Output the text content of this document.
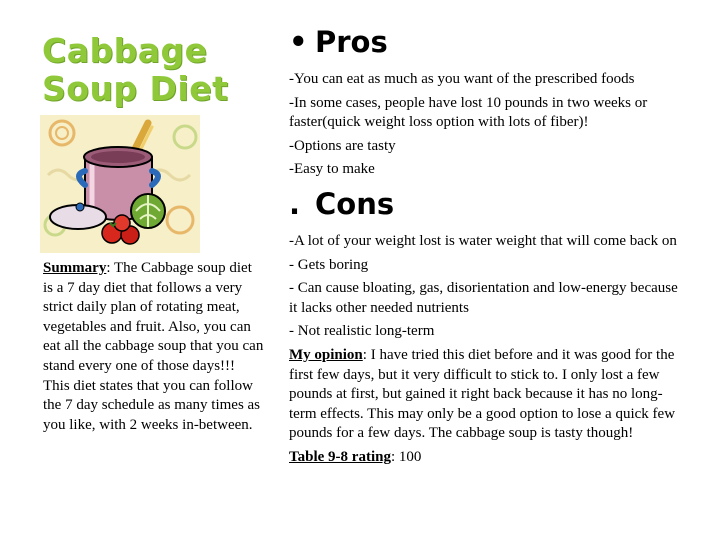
Cabbage
Soup Diet
Summary: The Cabbage soup diet is a 7 day diet that follows a very strict daily plan of rotating meat, vegetables and fruit. Also, you can eat all the cabbage soup that you can stand every one of those days!!! This diet states that you can follow the 7 day schedule as many times as you like, with 2 weeks in-between.
• Pros
-You can eat as much as you want of the prescribed foods
-In some cases, people have lost 10 pounds in two weeks or faster(quick weight loss option with lots of fiber)!
-Options are tasty
-Easy to make
. Cons
-A lot of your weight lost is water weight that will come back on
- Gets boring
- Can cause bloating, gas, disorientation and low-energy because it lacks other needed nutrients
- Not realistic long-term
My opinion: I have tried this diet before and it was good for the first few days, but it very difficult to stick to. I only lost a few pounds at first, but gained it right back because it has no long-term effects. This may only be a good option to lose a quick few pounds for a few days. The cabbage soup is tasty though!
Table 9-8 rating: 100
